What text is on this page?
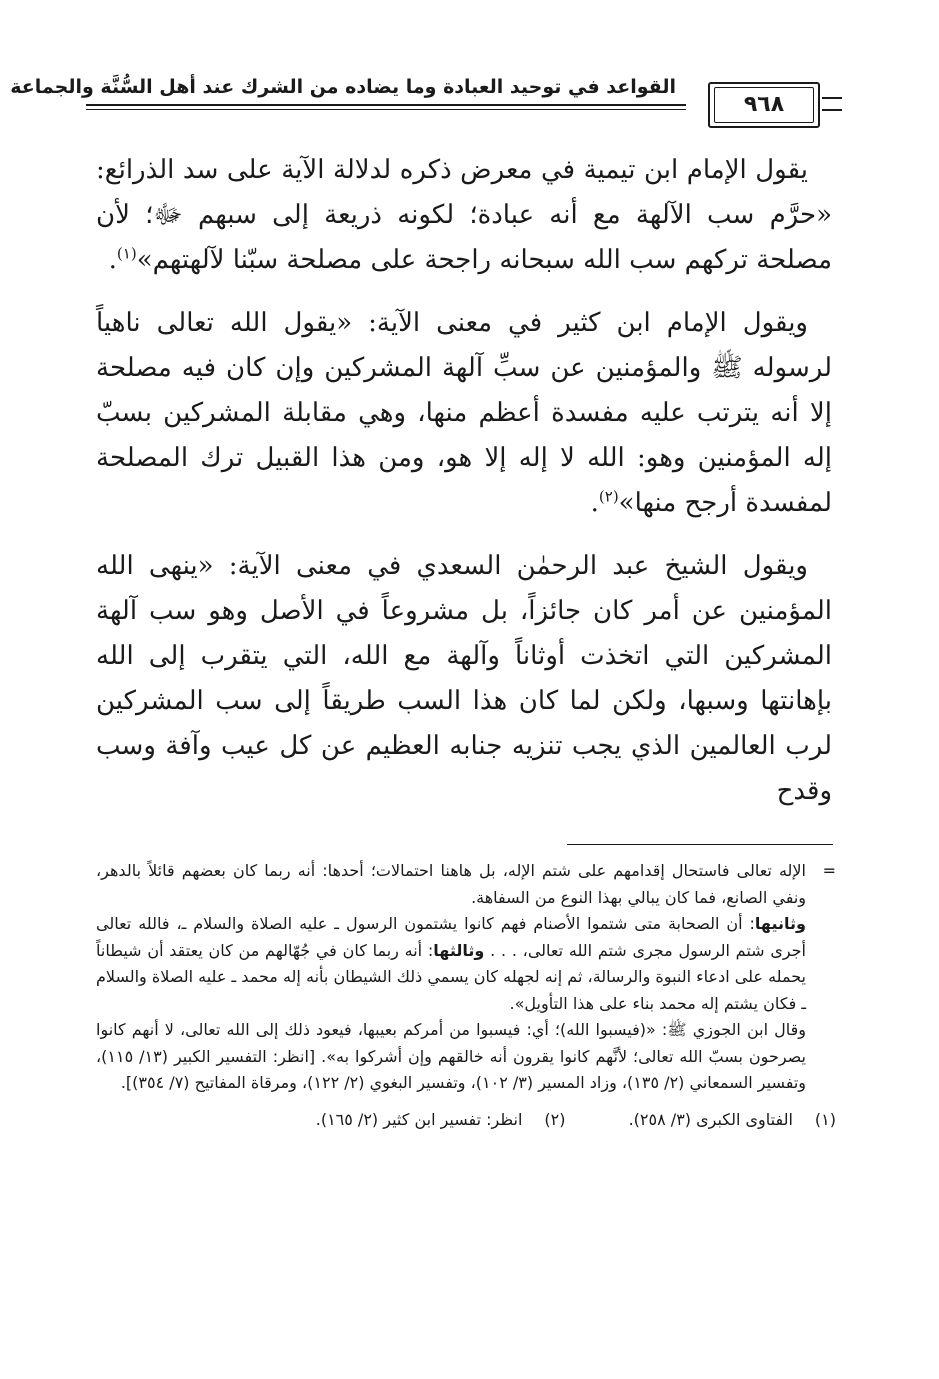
القواعد في توحيد العبادة وما يضاده من الشرك عند أهل السُّنَّة والجماعة
٩٦٨

يقول الإمام ابن تيمية في معرض ذكره لدلالة الآية على سد الذرائع: «حرَّم سب الآلهة مع أنه عبادة؛ لكونه ذريعة إلى سبهم ﷻ؛ لأن مصلحة تركهم سب الله سبحانه راجحة على مصلحة سبّنا لآلهتهم»$^{(١)}$.

ويقول الإمام ابن كثير في معنى الآية: «يقول الله تعالى ناهياً لرسوله ﷺ والمؤمنين عن سبِّ آلهة المشركين وإن كان فيه مصلحة إلا أنه يترتب عليه مفسدة أعظم منها، وهي مقابلة المشركين بسبّ إله المؤمنين وهو: الله لا إله إلا هو، ومن هذا القبيل ترك المصلحة لمفسدة أرجح منها»$^{(٢)}$.

ويقول الشيخ عبد الرحمٰن السعدي في معنى الآية: «ينهى الله المؤمنين عن أمر كان جائزاً، بل مشروعاً في الأصل وهو سب آلهة المشركين التي اتخذت أوثاناً وآلهة مع الله، التي يتقرب إلى الله بإهانتها وسبها، ولكن لما كان هذا السب طريقاً إلى سب المشركين لرب العالمين الذي يجب تنزيه جنابه العظيم عن كل عيب وآفة وسب وقدح

=

الإله تعالى فاستحال إقدامهم على شتم الإله، بل هاهنا احتمالات؛ أحدها: أنه ربما كان بعضهم قائلاً بالدهر، ونفي الصانع، فما كان يبالي بهذا النوع من السفاهة.

وثانيها: أن الصحابة متى شتموا الأصنام فهم كانوا يشتمون الرسول ـ عليه الصلاة والسلام ـ، فالله تعالى أجرى شتم الرسول مجرى شتم الله تعالى، . . . وثالثها: أنه ربما كان في جُهّالهم من كان يعتقد أن شيطاناً يحمله على ادعاء النبوة والرسالة، ثم إنه لجهله كان يسمي ذلك الشيطان بأنه إله محمد ـ عليه الصلاة والسلام ـ فكان يشتم إله محمد بناء على هذا التأويل».

وقال ابن الجوزي ﷺ: «(فيسبوا الله)؛ أي: فيسبوا من أمركم بعيبها، فيعود ذلك إلى الله تعالى، لا أنهم كانوا يصرحون بسبّ الله تعالى؛ لأنَّهم كانوا يقرون أنه خالقهم وإن أشركوا به». [انظر: التفسير الكبير (١٣/ ١١٥)، وتفسير السمعاني (٢/ ١٣٥)، وزاد المسير (٣/ ١٠٢)، وتفسير البغوي (٢/ ١٢٢)، ومرقاة المفاتيح (٧/ ٣٥٤)].

(١)الفتاوى الكبرى (٣/ ٢٥٨). (٢)انظر: تفسير ابن كثير (٢/ ١٦٥).
